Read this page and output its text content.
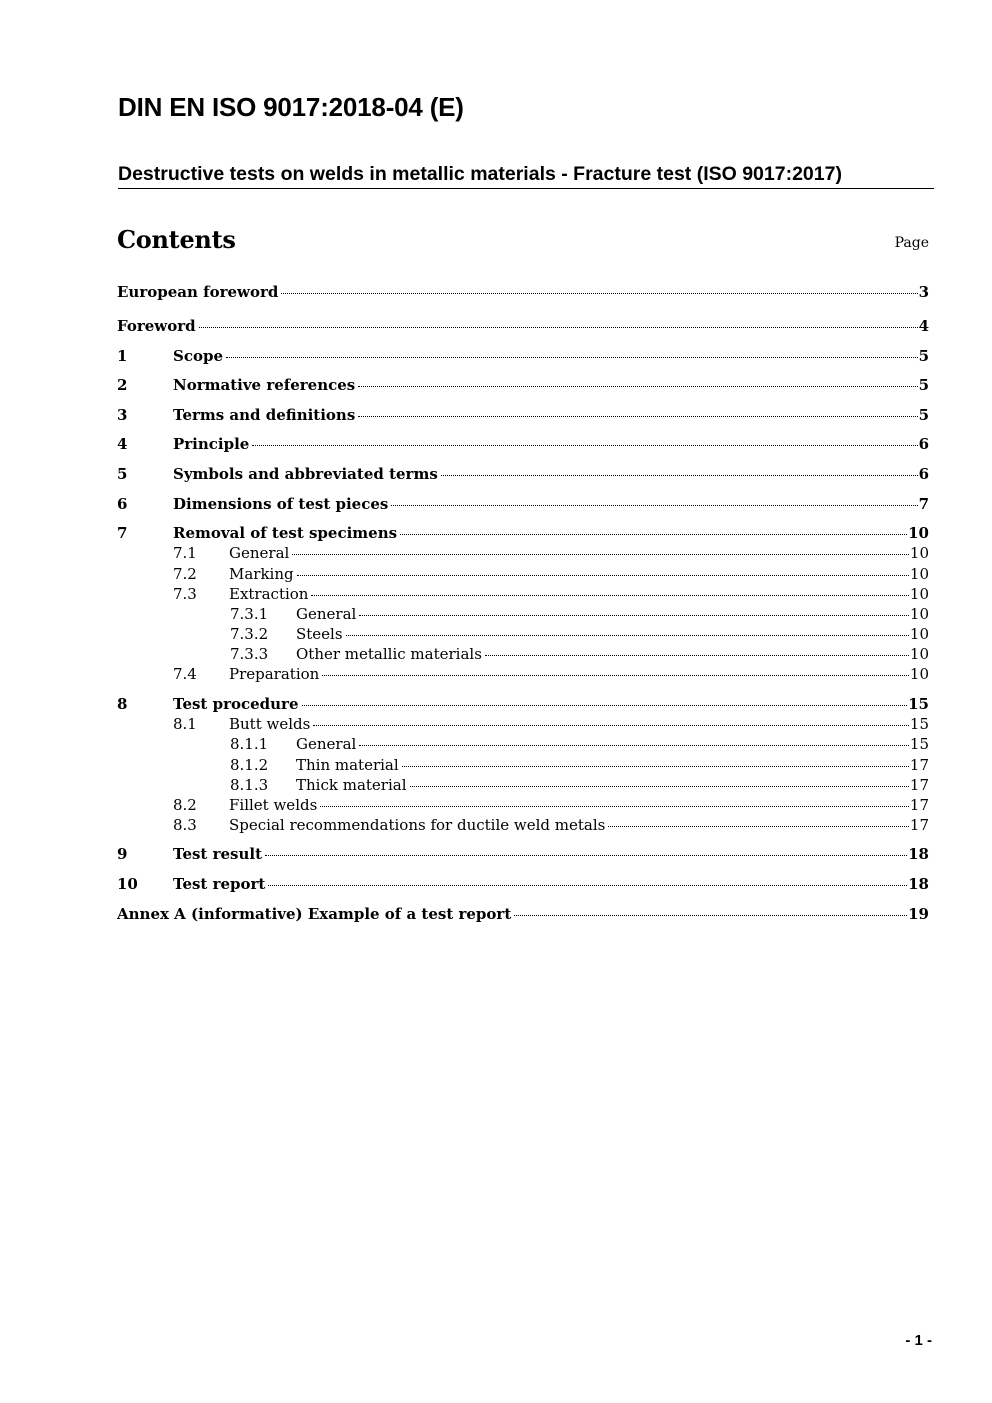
DIN EN ISO 9017:2018-04 (E)
Destructive tests on welds in metallic materials - Fracture test (ISO 9017:2017)
Contents	Page
European foreword	3
Foreword	4
1	Scope	5
2	Normative references	5
3	Terms and definitions	5
4	Principle	6
5	Symbols and abbreviated terms	6
6	Dimensions of test pieces	7
7	Removal of test specimens	10
7.1	General	10
7.2	Marking	10
7.3	Extraction	10
7.3.1	General	10
7.3.2	Steels	10
7.3.3	Other metallic materials	10
7.4	Preparation	10
8	Test procedure	15
8.1	Butt welds	15
8.1.1	General	15
8.1.2	Thin material	17
8.1.3	Thick material	17
8.2	Fillet welds	17
8.3	Special recommendations for ductile weld metals	17
9	Test result	18
10	Test report	18
Annex A (informative) Example of a test report	19
- 1 -
